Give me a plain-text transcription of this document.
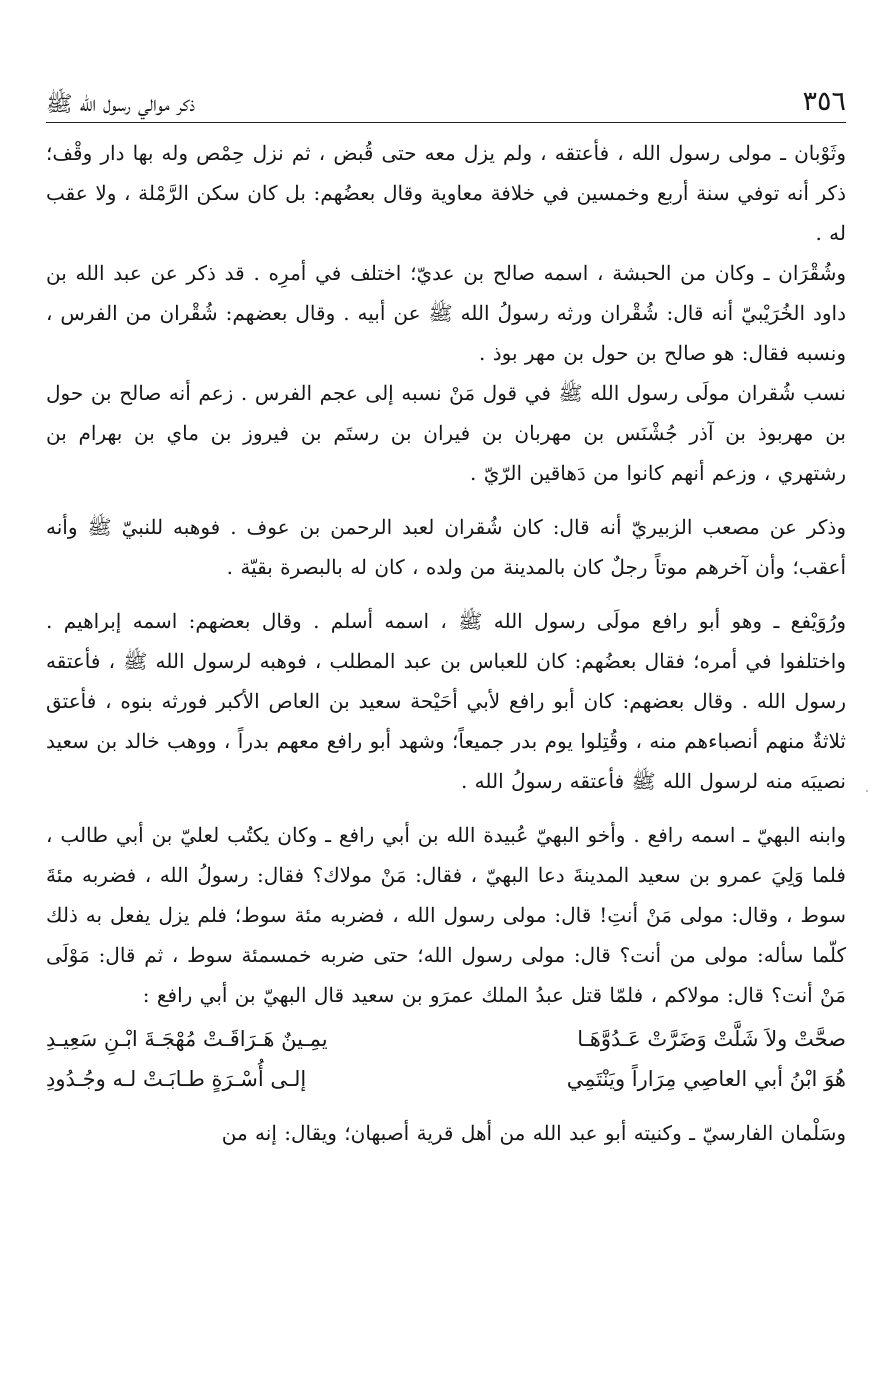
٣٥٦
ذكر موالي رسول الله ﷺ

وثَوْبان ـ مولى رسول الله ، فأعتقه ، ولم يزل معه حتى قُبض ، ثم نزل حِمْص وله بها دار وقْف؛ ذكر أنه توفي سنة أربع وخمسين في خلافة معاوية وقال بعضُهم: بل كان سكن الرَّمْلة ، ولا عقب له .

وشُقْرَان ـ وكان من الحبشة ، اسمه صالح بن عديّ؛ اختلف في أمرِه . قد ذكر عن عبد الله بن داود الخُرَيْبيّ أنه قال: شُقْران ورثه رسولُ الله ﷺ عن أبيه . وقال بعضهم: شُقْران من الفرس ، ونسبه فقال: هو صالح بن حول بن مهر بوذ .

نسب شُقران مولَى رسول الله ﷺ في قول مَنْ نسبه إلى عجم الفرس . زعم أنه صالح بن حول بن مهربوذ بن آذر جُشْنَس بن مهربان بن فيران بن رستَم بن فيروز بن ماي بن بهرام بن رشتهري ، وزعم أنهم كانوا من دَهاقين الرّيّ .

وذكر عن مصعب الزبيريّ أنه قال: كان شُقران لعبد الرحمن بن عوف . فوهبه للنبيّ ﷺ وأنه أعقب؛ وأن آخرهم موتاً رجلٌ كان بالمدينة من ولده ، كان له بالبصرة بقيّة .

ورُوَيْفع ـ وهو أبو رافع مولَى رسول الله ﷺ ، اسمه أسلم . وقال بعضهم: اسمه إبراهيم . واختلفوا في أمره؛ فقال بعضُهم: كان للعباس بن عبد المطلب ، فوهبه لرسول الله ﷺ ، فأعتقه رسول الله . وقال بعضهم: كان أبو رافع لأبي أحَيْحة سعيد بن العاص الأكبر فورثه بنوه ، فأعتق ثلاثةٌ منهم أنصباءهم منه ، وقُتِلوا يوم بدر جميعاً؛ وشهد أبو رافع معهم بدراً ، ووهب خالد بن سعيد نصيبَه منه لرسول الله ﷺ فأعتقه رسولُ الله .

وابنه البهيّ ـ اسمه رافع . وأخو البهيّ عُبيدة الله بن أبي رافع ـ وكان يكتُب لعليّ بن أبي طالب ، فلما وَلِيَ عمرو بن سعيد المدينةَ دعا البهيّ ، فقال: مَنْ مولاك؟ فقال: رسولُ الله ، فضربه مئةَ سوط ، وقال: مولى مَنْ أنتِ! قال: مولى رسول الله ، فضربه مئة سوط؛ فلم يزل يفعل به ذلك كلّما سأله: مولى من أنت؟ قال: مولى رسول الله؛ حتى ضربه خمسمئة سوط ، ثم قال: مَوْلَى مَنْ أنت؟ قال: مولاكم ، فلمّا قتل عبدُ الملك عمرَو بن سعيد قال البهيّ بن أبي رافع :

صحَّتْ ولاَ شَلَّتْ وَضَرَّتْ عَـدُوَّهَـا
يمِـينٌ هَـرَاقَـتْ مُهْجَـةَ ابْـنِ سَعِيـدِ
هُوَ ابْنُ أبي العاصِي مِرَاراً ويَنْتَمِي
إلـى أُسْـرَةٍ طـابَـتْ لـه وجُـدُودِ

وسَلْمان الفارسيّ ـ وكنيته أبو عبد الله من أهل قرية أصبهان؛ ويقال: إنه من
